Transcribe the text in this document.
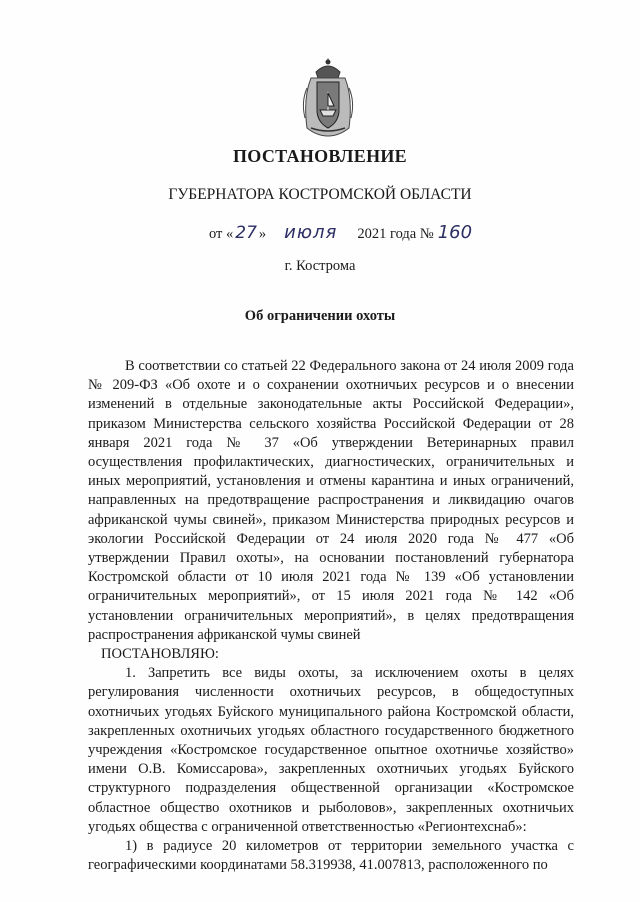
ПОСТАНОВЛЕНИЕ
ГУБЕРНАТОРА КОСТРОМСКОЙ ОБЛАСТИ
от « 27 » июля 2021 года № 160
г. Кострома
Об ограничении охоты

В соответствии со статьей 22 Федерального закона от 24 июля 2009 года № 209-ФЗ «Об охоте и о сохранении охотничьих ресурсов и о внесении изменений в отдельные законодательные акты Российской Федерации», приказом Министерства сельского хозяйства Российской Федерации от 28 января 2021 года № 37 «Об утверждении Ветеринарных правил осуществления профилактических, диагностических, ограничительных и иных мероприятий, установления и отмены карантина и иных ограничений, направленных на предотвращение распространения и ликвидацию очагов африканской чумы свиней», приказом Министерства природных ресурсов и экологии Российской Федерации от 24 июля 2020 года № 477 «Об утверждении Правил охоты», на основании постановлений губернатора Костромской области от 10 июля 2021 года № 139 «Об установлении ограничительных мероприятий», от 15 июля 2021 года № 142 «Об установлении ограничительных мероприятий», в целях предотвращения распространения африканской чумы свиней

ПОСТАНОВЛЯЮ:

1. Запретить все виды охоты, за исключением охоты в целях регулирования численности охотничьих ресурсов, в общедоступных охотничьих угодьях Буйского муниципального района Костромской области, закрепленных охотничьих угодьях областного государственного бюджетного учреждения «Костромское государственное опытное охотничье хозяйство» имени О.В. Комиссарова», закрепленных охотничьих угодьях Буйского структурного подразделения общественной организации «Костромское областное общество охотников и рыболовов», закрепленных охотничьих угодьях общества с ограниченной ответственностью «Регионтехснаб»:

1) в радиусе 20 километров от территории земельного участка с географическими координатами 58.319938, 41.007813, расположенного по
